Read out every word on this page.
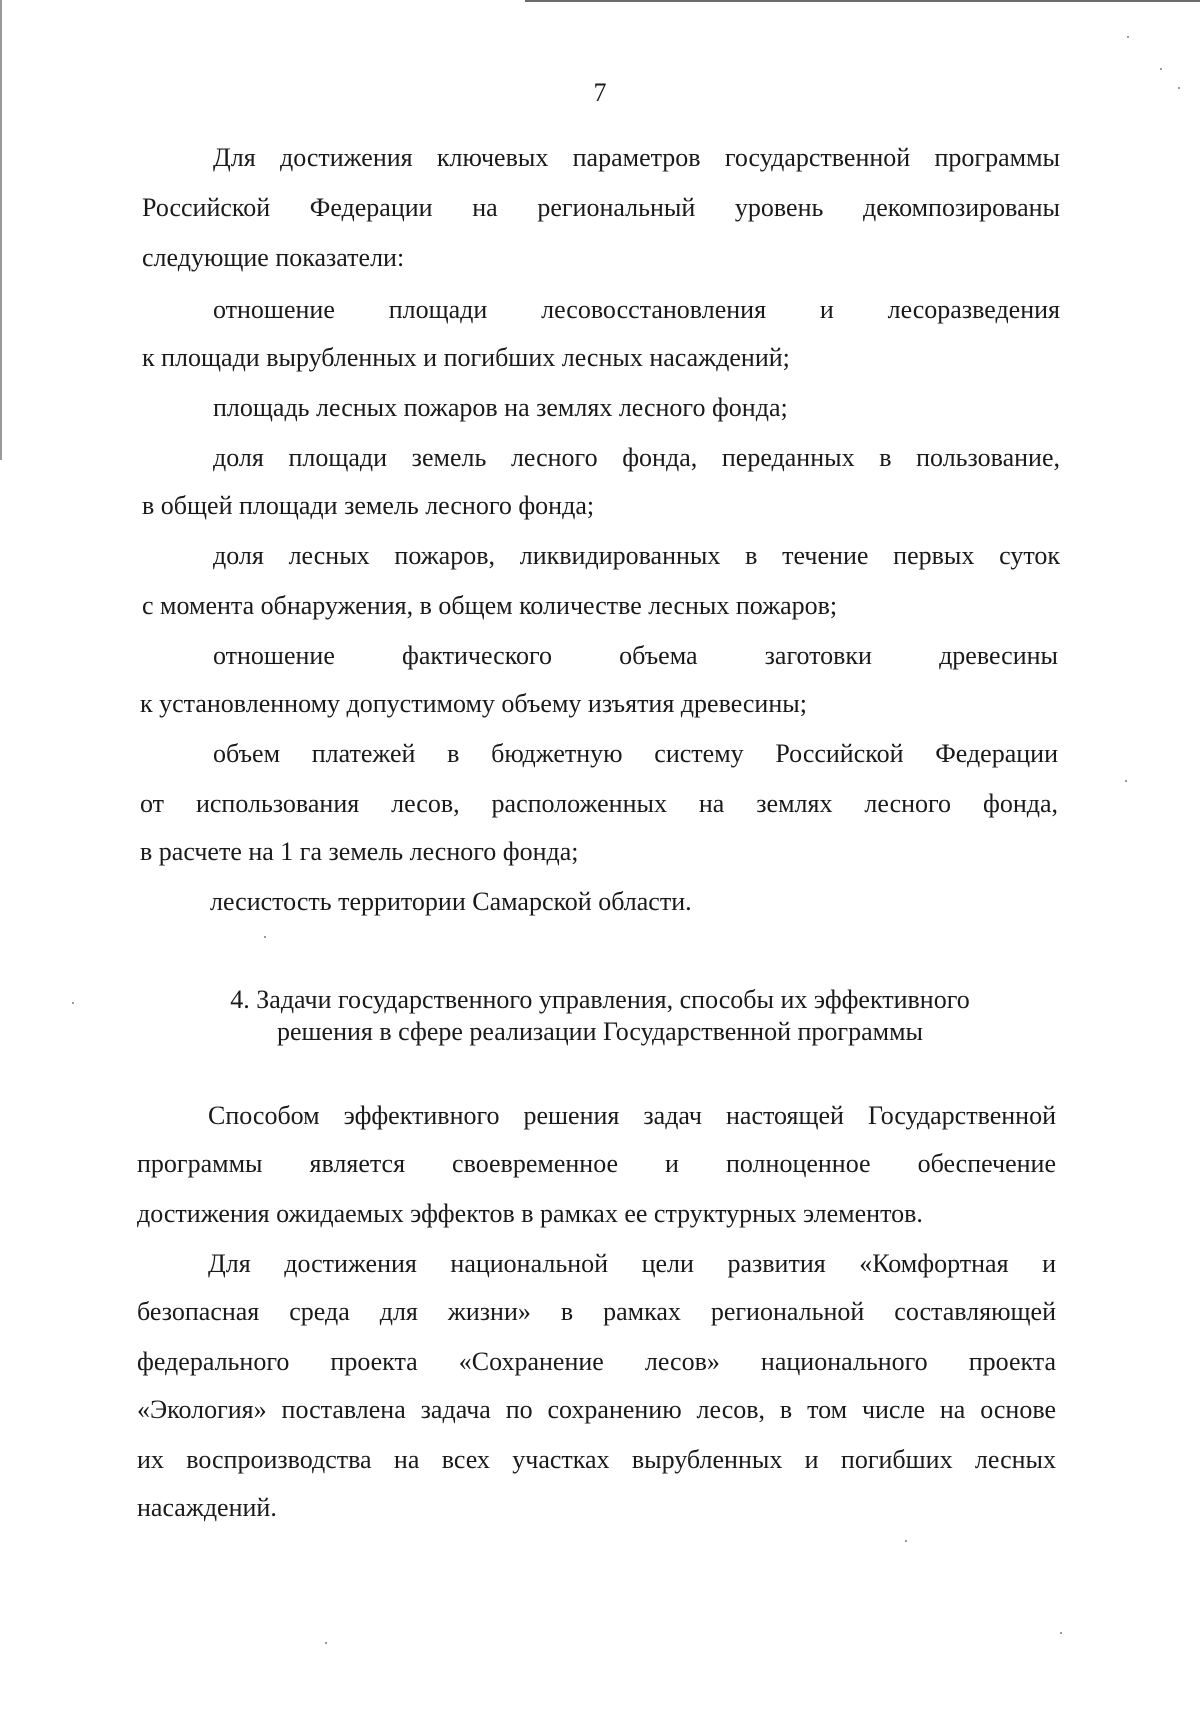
7
Для достижения ключевых параметров государственной программы
Российской Федерации на региональный уровень декомпозированы
следующие показатели:
отношение площади лесовосстановления и лесоразведения
к площади вырубленных и погибших лесных насаждений;
площадь лесных пожаров на землях лесного фонда;
доля площади земель лесного фонда, переданных в пользование,
в общей площади земель лесного фонда;
доля лесных пожаров, ликвидированных в течение первых суток
с момента обнаружения, в общем количестве лесных пожаров;
отношение фактического объема заготовки древесины
к установленному допустимому объему изъятия древесины;
объем платежей в бюджетную систему Российской Федерации
от использования лесов, расположенных на землях лесного фонда,
в расчете на 1 га земель лесного фонда;
лесистость территории Самарской области.
4. Задачи государственного управления, способы их эффективного
решения в сфере реализации Государственной программы
Способом эффективного решения задач настоящей Государственной
программы является своевременное и полноценное обеспечение
достижения ожидаемых эффектов в рамках ее структурных элементов.
Для достижения национальной цели развития «Комфортная и
безопасная среда для жизни» в рамках региональной составляющей
федерального проекта «Сохранение лесов» национального проекта
«Экология» поставлена задача по сохранению лесов, в том числе на основе
их воспроизводства на всех участках вырубленных и погибших лесных
насаждений.
